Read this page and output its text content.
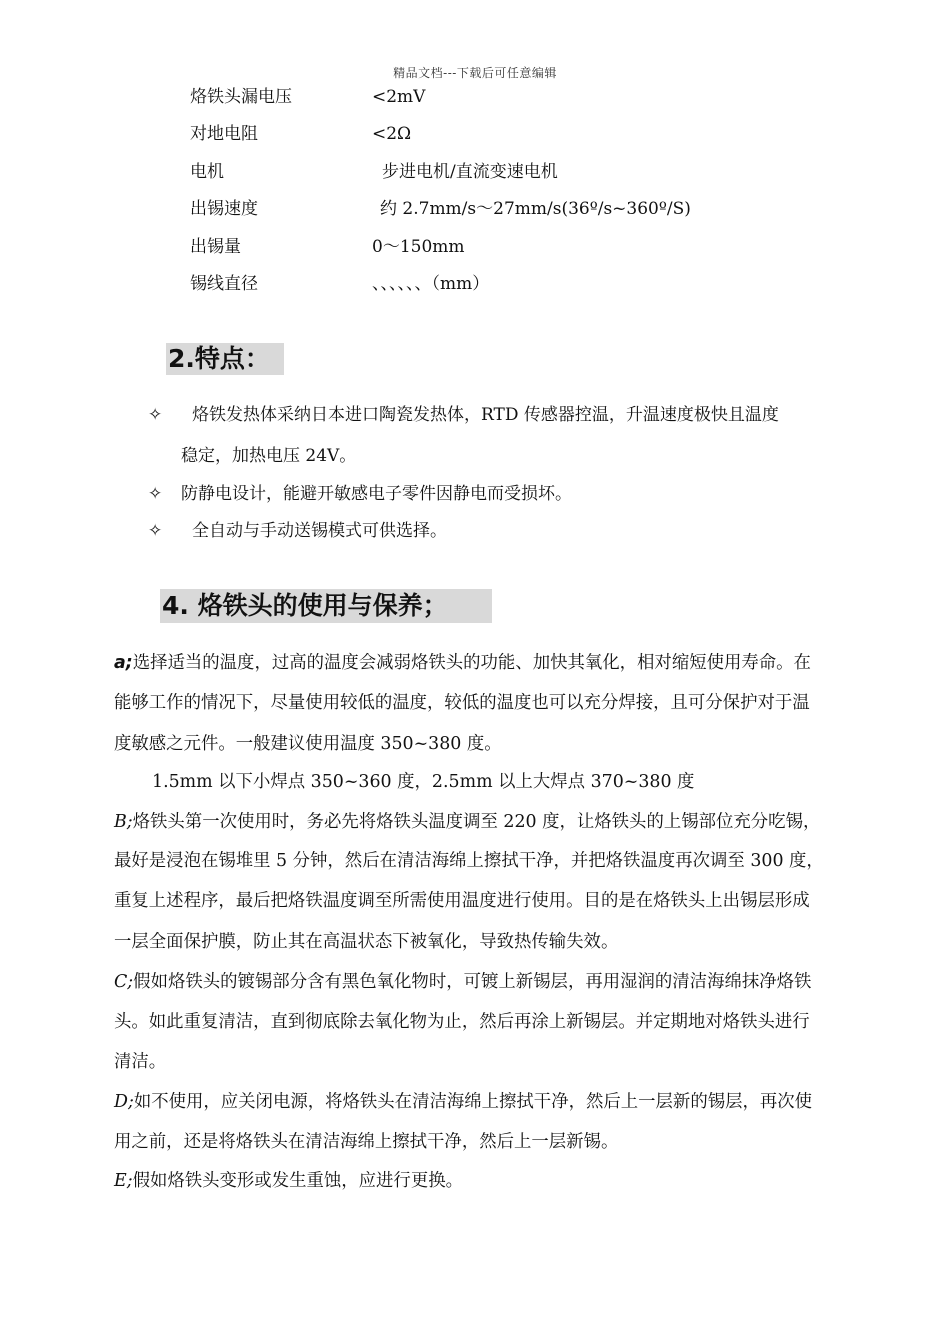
精品文档---下载后可任意编辑
烙铁头漏电压	<2mV
对地电阻	<2Ω
电机	步进电机/直流变速电机
出锡速度	约 2.7mm/s～27mm/s(36º/s~360º/S)
出锡量	0～150mm
锡线直径	、、、、、、（mm）
2.特点：
✧ 烙铁发热体采纳日本进口陶瓷发热体，RTD 传感器控温，升温速度极快且温度
稳定，加热电压 24V。
✧ 防静电设计，能避开敏感电子零件因静电而受损坏。
✧ 全自动与手动送锡模式可供选择。
4. 烙铁头的使用与保养；
a;选择适当的温度，过高的温度会减弱烙铁头的功能、加快其氧化，相对缩短使用寿命。在
能够工作的情况下，尽量使用较低的温度，较低的温度也可以充分焊接，且可分保护对于温
度敏感之元件。一般建议使用温度 350~380 度。
1.5mm 以下小焊点 350~360 度，2.5mm 以上大焊点 370~380 度
B;烙铁头第一次使用时，务必先将烙铁头温度调至 220 度，让烙铁头的上锡部位充分吃锡，
最好是浸泡在锡堆里 5 分钟，然后在清洁海绵上擦拭干净，并把烙铁温度再次调至 300 度，
重复上述程序，最后把烙铁温度调至所需使用温度进行使用。目的是在烙铁头上出锡层形成
一层全面保护膜，防止其在高温状态下被氧化，导致热传输失效。
C;假如烙铁头的镀锡部分含有黑色氧化物时，可镀上新锡层，再用湿润的清洁海绵抹净烙铁
头。如此重复清洁，直到彻底除去氧化物为止，然后再涂上新锡层。并定期地对烙铁头进行
清洁。
D;如不使用，应关闭电源，将烙铁头在清洁海绵上擦拭干净，然后上一层新的锡层，再次使
用之前，还是将烙铁头在清洁海绵上擦拭干净，然后上一层新锡。
E;假如烙铁头变形或发生重蚀，应进行更换。
